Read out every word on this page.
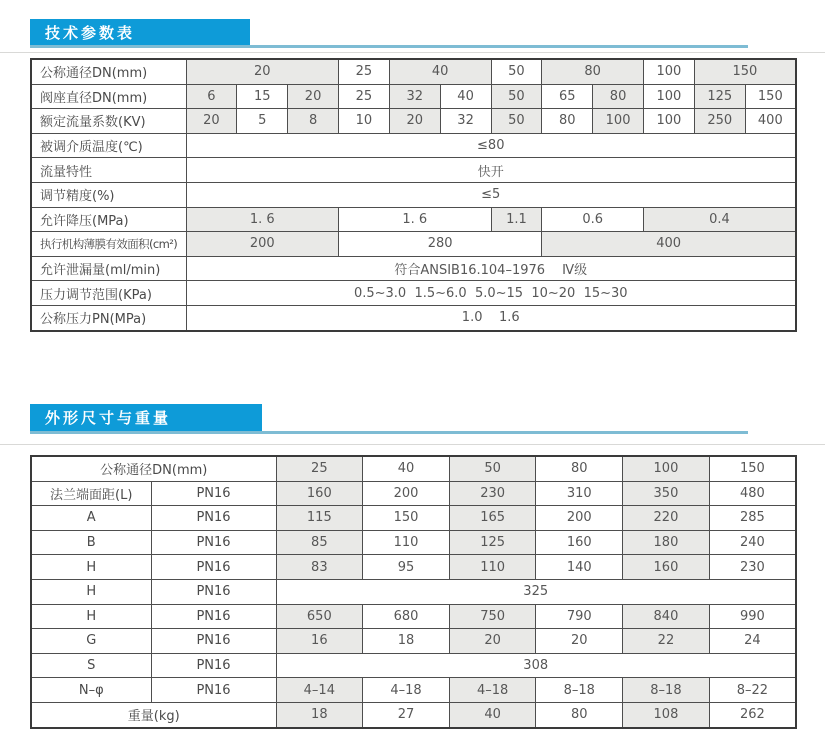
技术参数表
公称通径DN(mm)	20			25	40		50	80		100	150	
阀座直径DN(mm)	6	15	20	25	32	40	50	65	80	100	125	150
额定流量系数(KV)	20	5	8	10	20	32	50	80	100	100	250	400
被调介质温度(℃)	≤80											
流量特性	快开											
调节精度(%)	≤5											
允许降压(MPa)	1. 6			1. 6			1.1	0.6		0.4		
执行机构薄膜有效面积(cm²)	200			280				400				
允许泄漏量(ml/min)	符合ANSIB16.104–1976　 Ⅳ级											
压力调节范围(KPa)	0.5~3.0  1.5~6.0  5.0~15  10~20  15~30											
公称压力PN(MPa)	1.0    1.6											
外形尺寸与重量
公称通径DN(mm)		25	40	50	80	100	150
法兰端面距(L)	PN16	160	200	230	310	350	480
A	PN16	115	150	165	200	220	285
B	PN16	85	110	125	160	180	240
H	PN16	83	95	110	140	160	230
H	PN16	325					
H	PN16	650	680	750	790	840	990
G	PN16	16	18	20	20	22	24
S	PN16	308					
N–φ	PN16	4–14	4–18	4–18	8–18	8–18	8–22
重量(kg)		18	27	40	80	108	262
